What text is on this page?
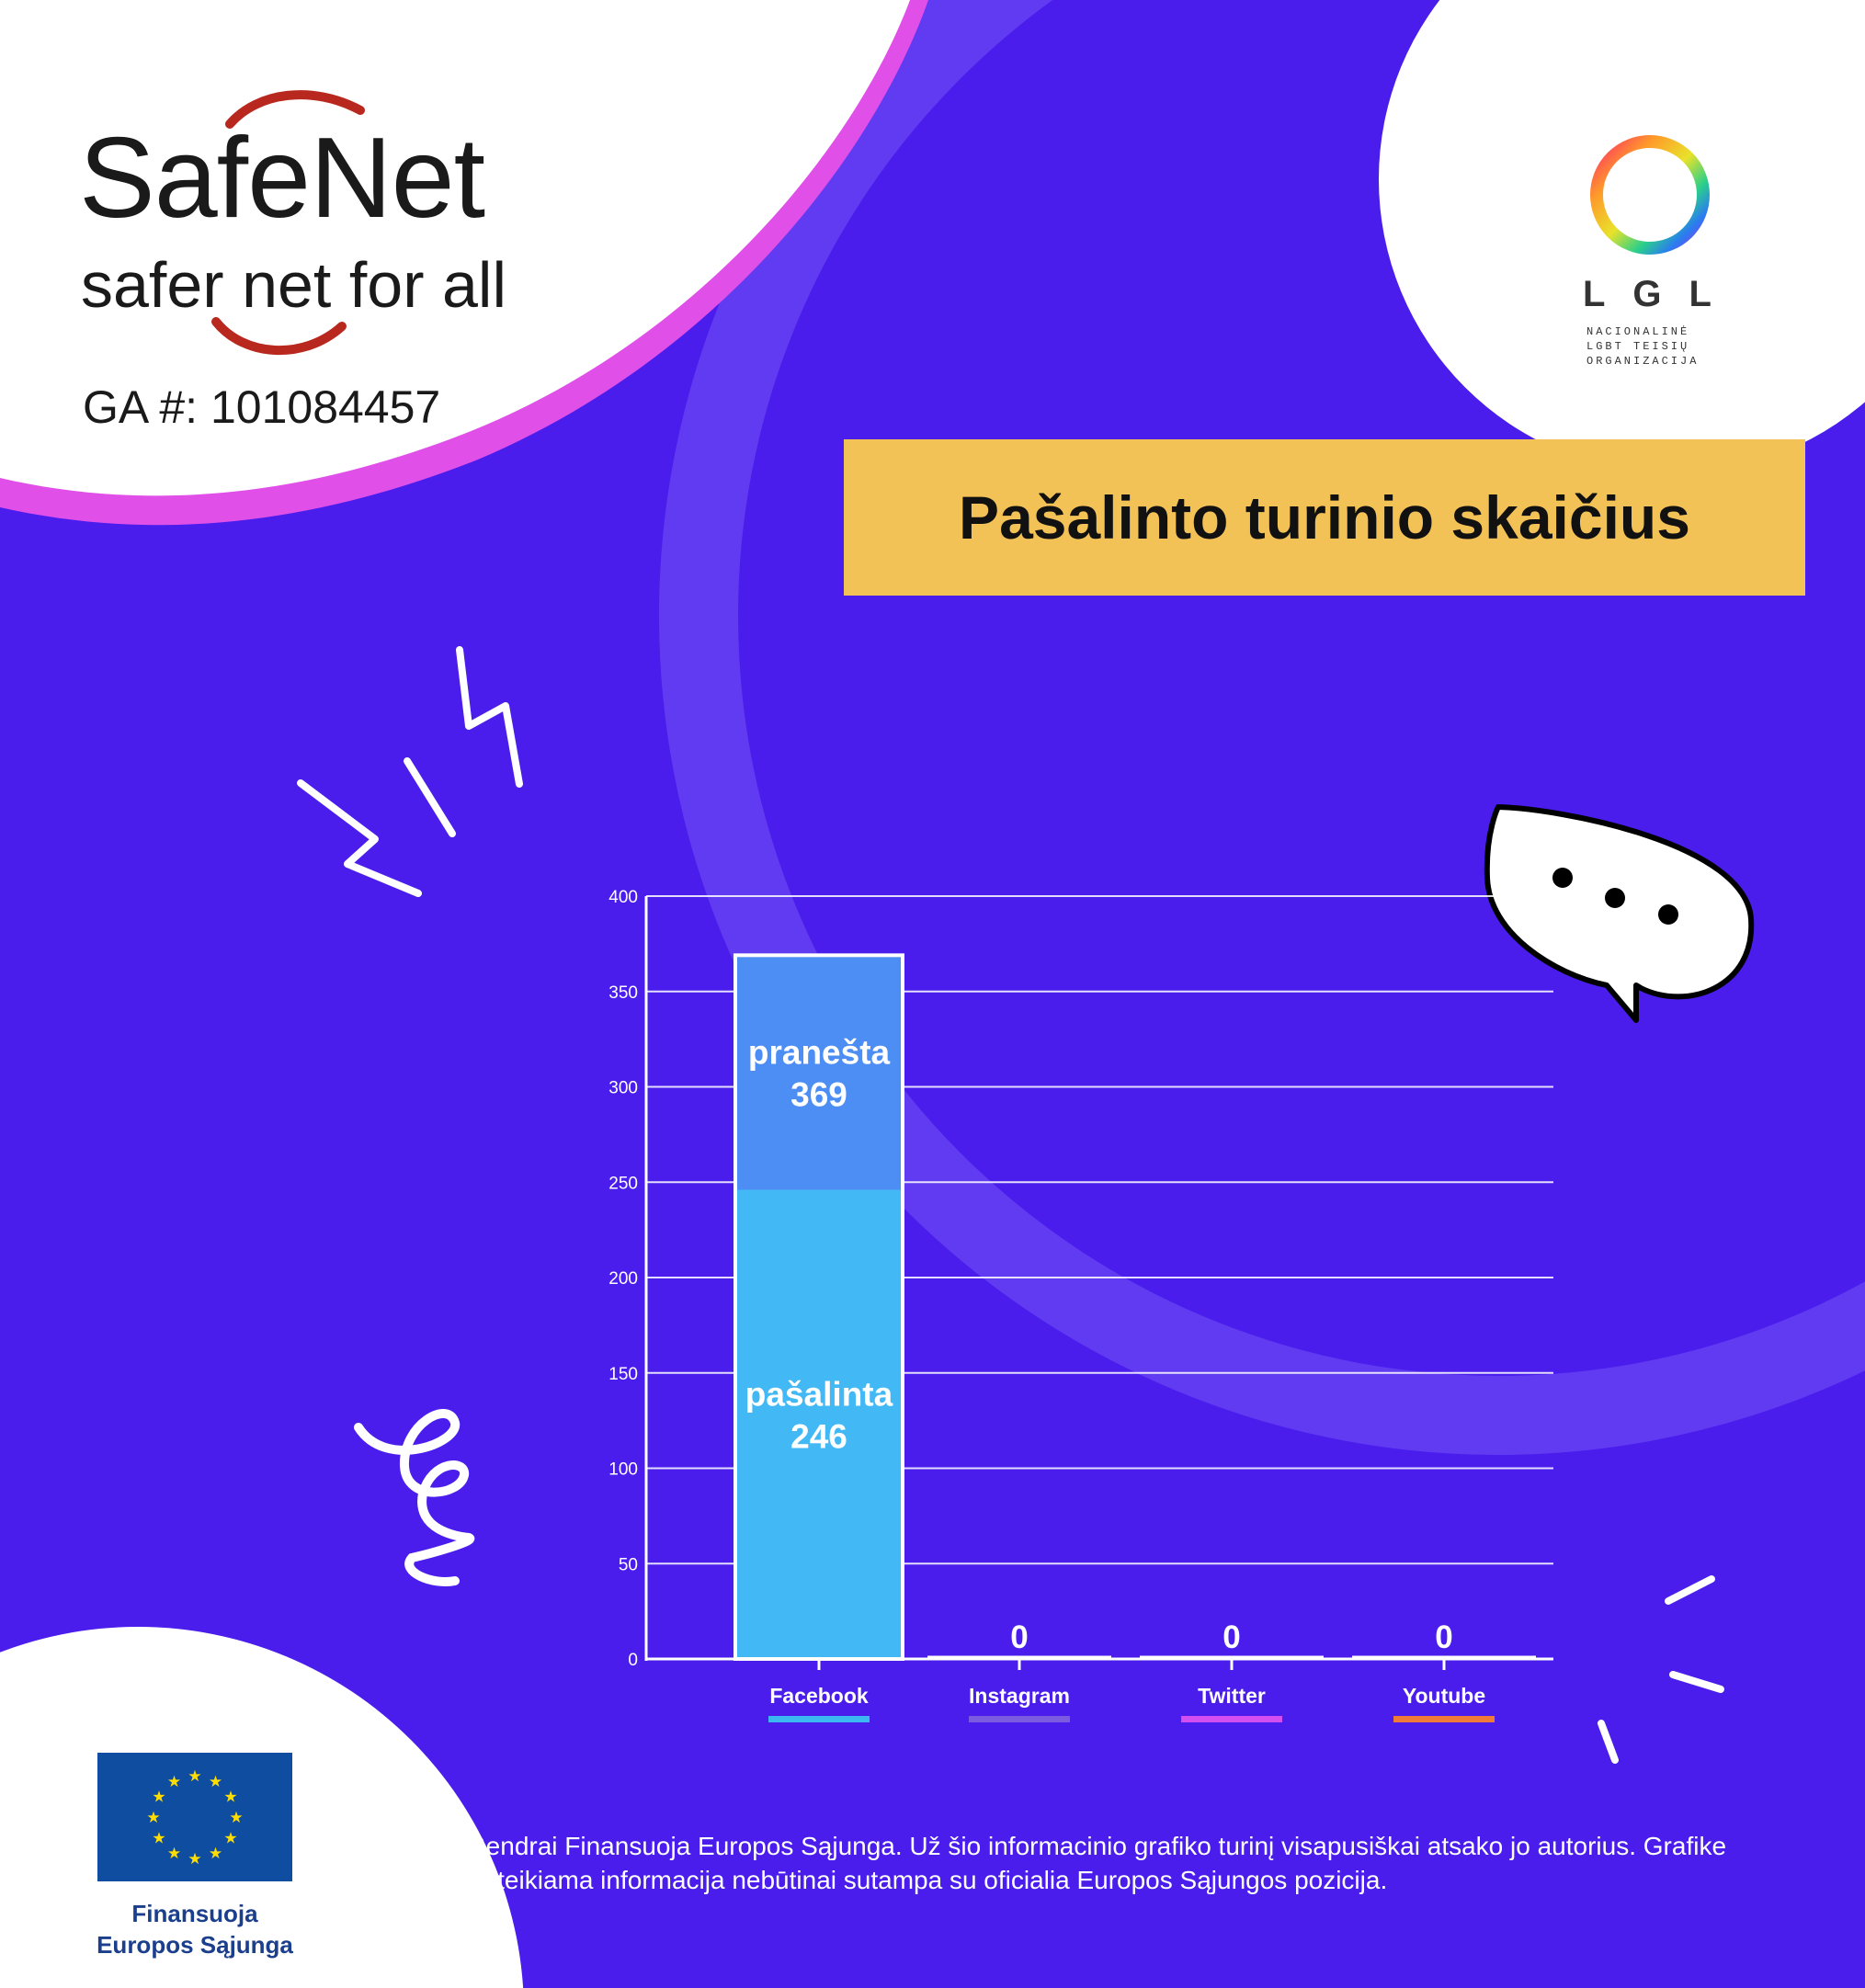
★ ★
★
★
★
★
★
★
★
★
★
★
SafeNet
safer net for all
GA #: 101084457
LGL
NACIONALINĖ
LGBT TEISIŲ
ORGANIZACIJA
Pašalinto turinio skaičius
0
50
100
150
200
250
300
350
400
Facebook	Instagram	Twitter	Youtube
pranešta
369
pašalinta
246
0	0	0
Finansuoja
Europos Sąjunga
Bendrai Finansuoja Europos Sąjunga. Už šio informacinio grafiko turinį visapusiškai atsako jo autorius. Grafike pateikiama informacija nebūtinai sutampa su oficialia Europos Sąjungos pozicija.
